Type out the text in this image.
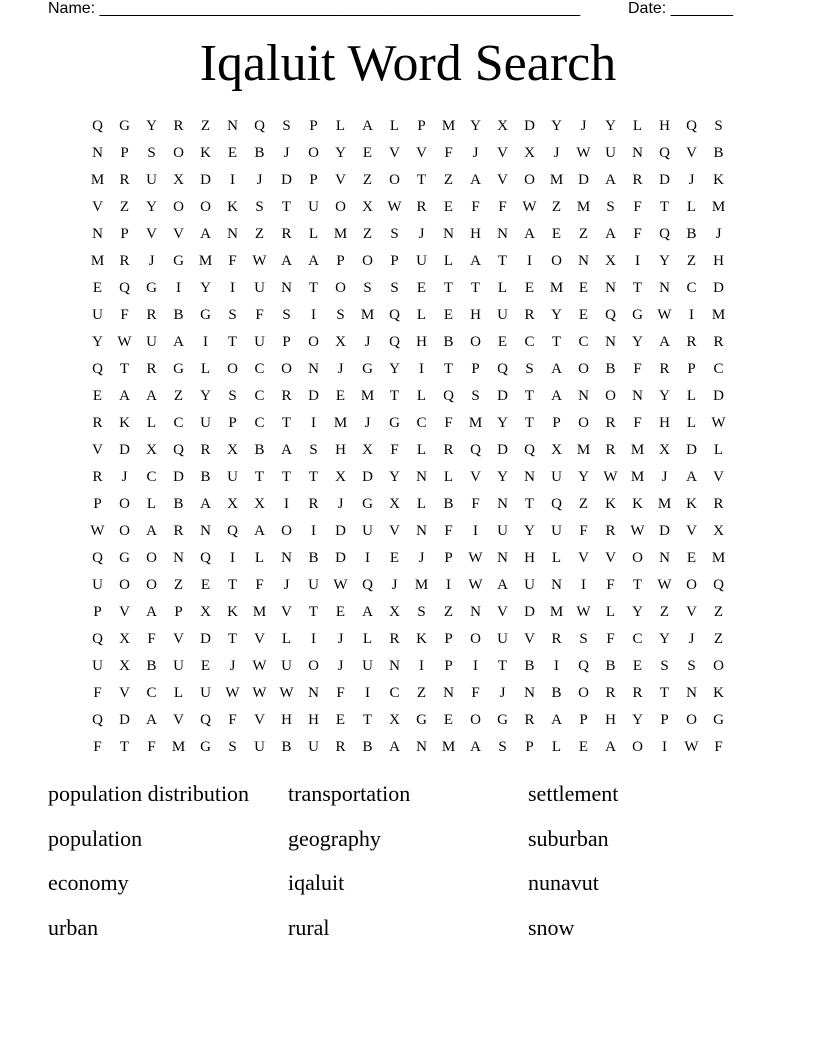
Name: ______________________________________________________	Date: _______
Iqaluit Word Search
Q	G	Y	R	Z	N	Q	S	P	L	A	L	P	M Y	X	D	Y	J	Y	L	H	Q	S
N	P	S	O	K	E	B	J	O	Y	E	V	V	F	J	V	X	J	W U	N	Q	V	B
M	R	U	X	D	I	J	D	P	V	Z	O	T	Z	A	V	O M D	A	R	D	J	K
V	Z	Y	O	O	K	S	T	U	O	X W R	E	F	F	W	Z	M	S	F	T	L	M
N	P	V	V	A	N	Z	R	L	M	Z	S	J	N	H	N	A	E	Z	A	F	Q	B	J
M	R	J	G M	F	W A	A	P	O	P	U	L	A	T	I	O	N	X	I	Y	Z	H
E	Q	G	I	Y	I	U	N	T	O	S	S	E	T	T	L	E	M	E	N	T	N	C	D
U	F	R	B	G	S	F	S	I	S	M Q	L	E	H	U	R	Y	E	Q	G W	I	M
Y W U	A	I	T	U	P	O	X	J	Q	H	B	O	E	C	T	C	N	Y	A	R	R
Q	T	R	G	L	O	C	O	N	J	G	Y	I	T	P	Q	S	A	O	B	F	R	P	C
E	A	A	Z	Y	S	C	R	D	E	M	T	L	Q	S	D	T	A	N	O	N	Y	L	D
R	K	L	C	U	P	C	T	I	M	J	G	C	F	M Y	T	P	O	R	F	H	L	W
V	D	X	Q	R	X	B	A	S	H	X	F	L	R	Q	D	Q	X M	R	M X	D	L
R	J	C	D	B	U	T	T	T	X	D	Y	N	L	V	Y	N	U	Y W M	J	A	V
P	O	L	B	A	X	X	I	R	J	G	X	L	B	F	N	T	Q	Z	K	K M K	R
W O	A	R	N	Q	A	O	I	D	U	V	N	F	I	U	Y	U	F	R W D	V	X
Q	G	O	N	Q	I	L	N	B	D	I	E	J	P	W N	H	L	V	V	O	N	E	M
U	O	O	Z	E	T	F	J	U W Q	J	M	I	W A	U	N	I	F	T	W O	Q
P	V	A	P	X	K M V	T	E	A	X	S	Z	N	V	D M W	L	Y	Z	V	Z
Q	X	F	V	D	T	V	L	I	J	L	R	K	P	O	U	V	R	S	F	C	Y	J	Z
U	X	B	U	E	J	W U	O	J	U	N	I	P	I	T	B	I	Q	B	E	S	S	O
F	V	C	L	U W W W N	F	I	C	Z	N	F	J	N	B	O	R	R	T	N	K
Q	D	A	V	Q	F	V	H	H	E	T	X	G	E	O	G	R	A	P	H	Y	P	O	G
F	T	F	M G	S	U	B	U	R	B	A	N M A	S	P	L	E	A	O	I	W	F
population distribution	transportation	settlement
population	geography	suburban
economy	iqaluit	nunavut
urban	rural	snow
